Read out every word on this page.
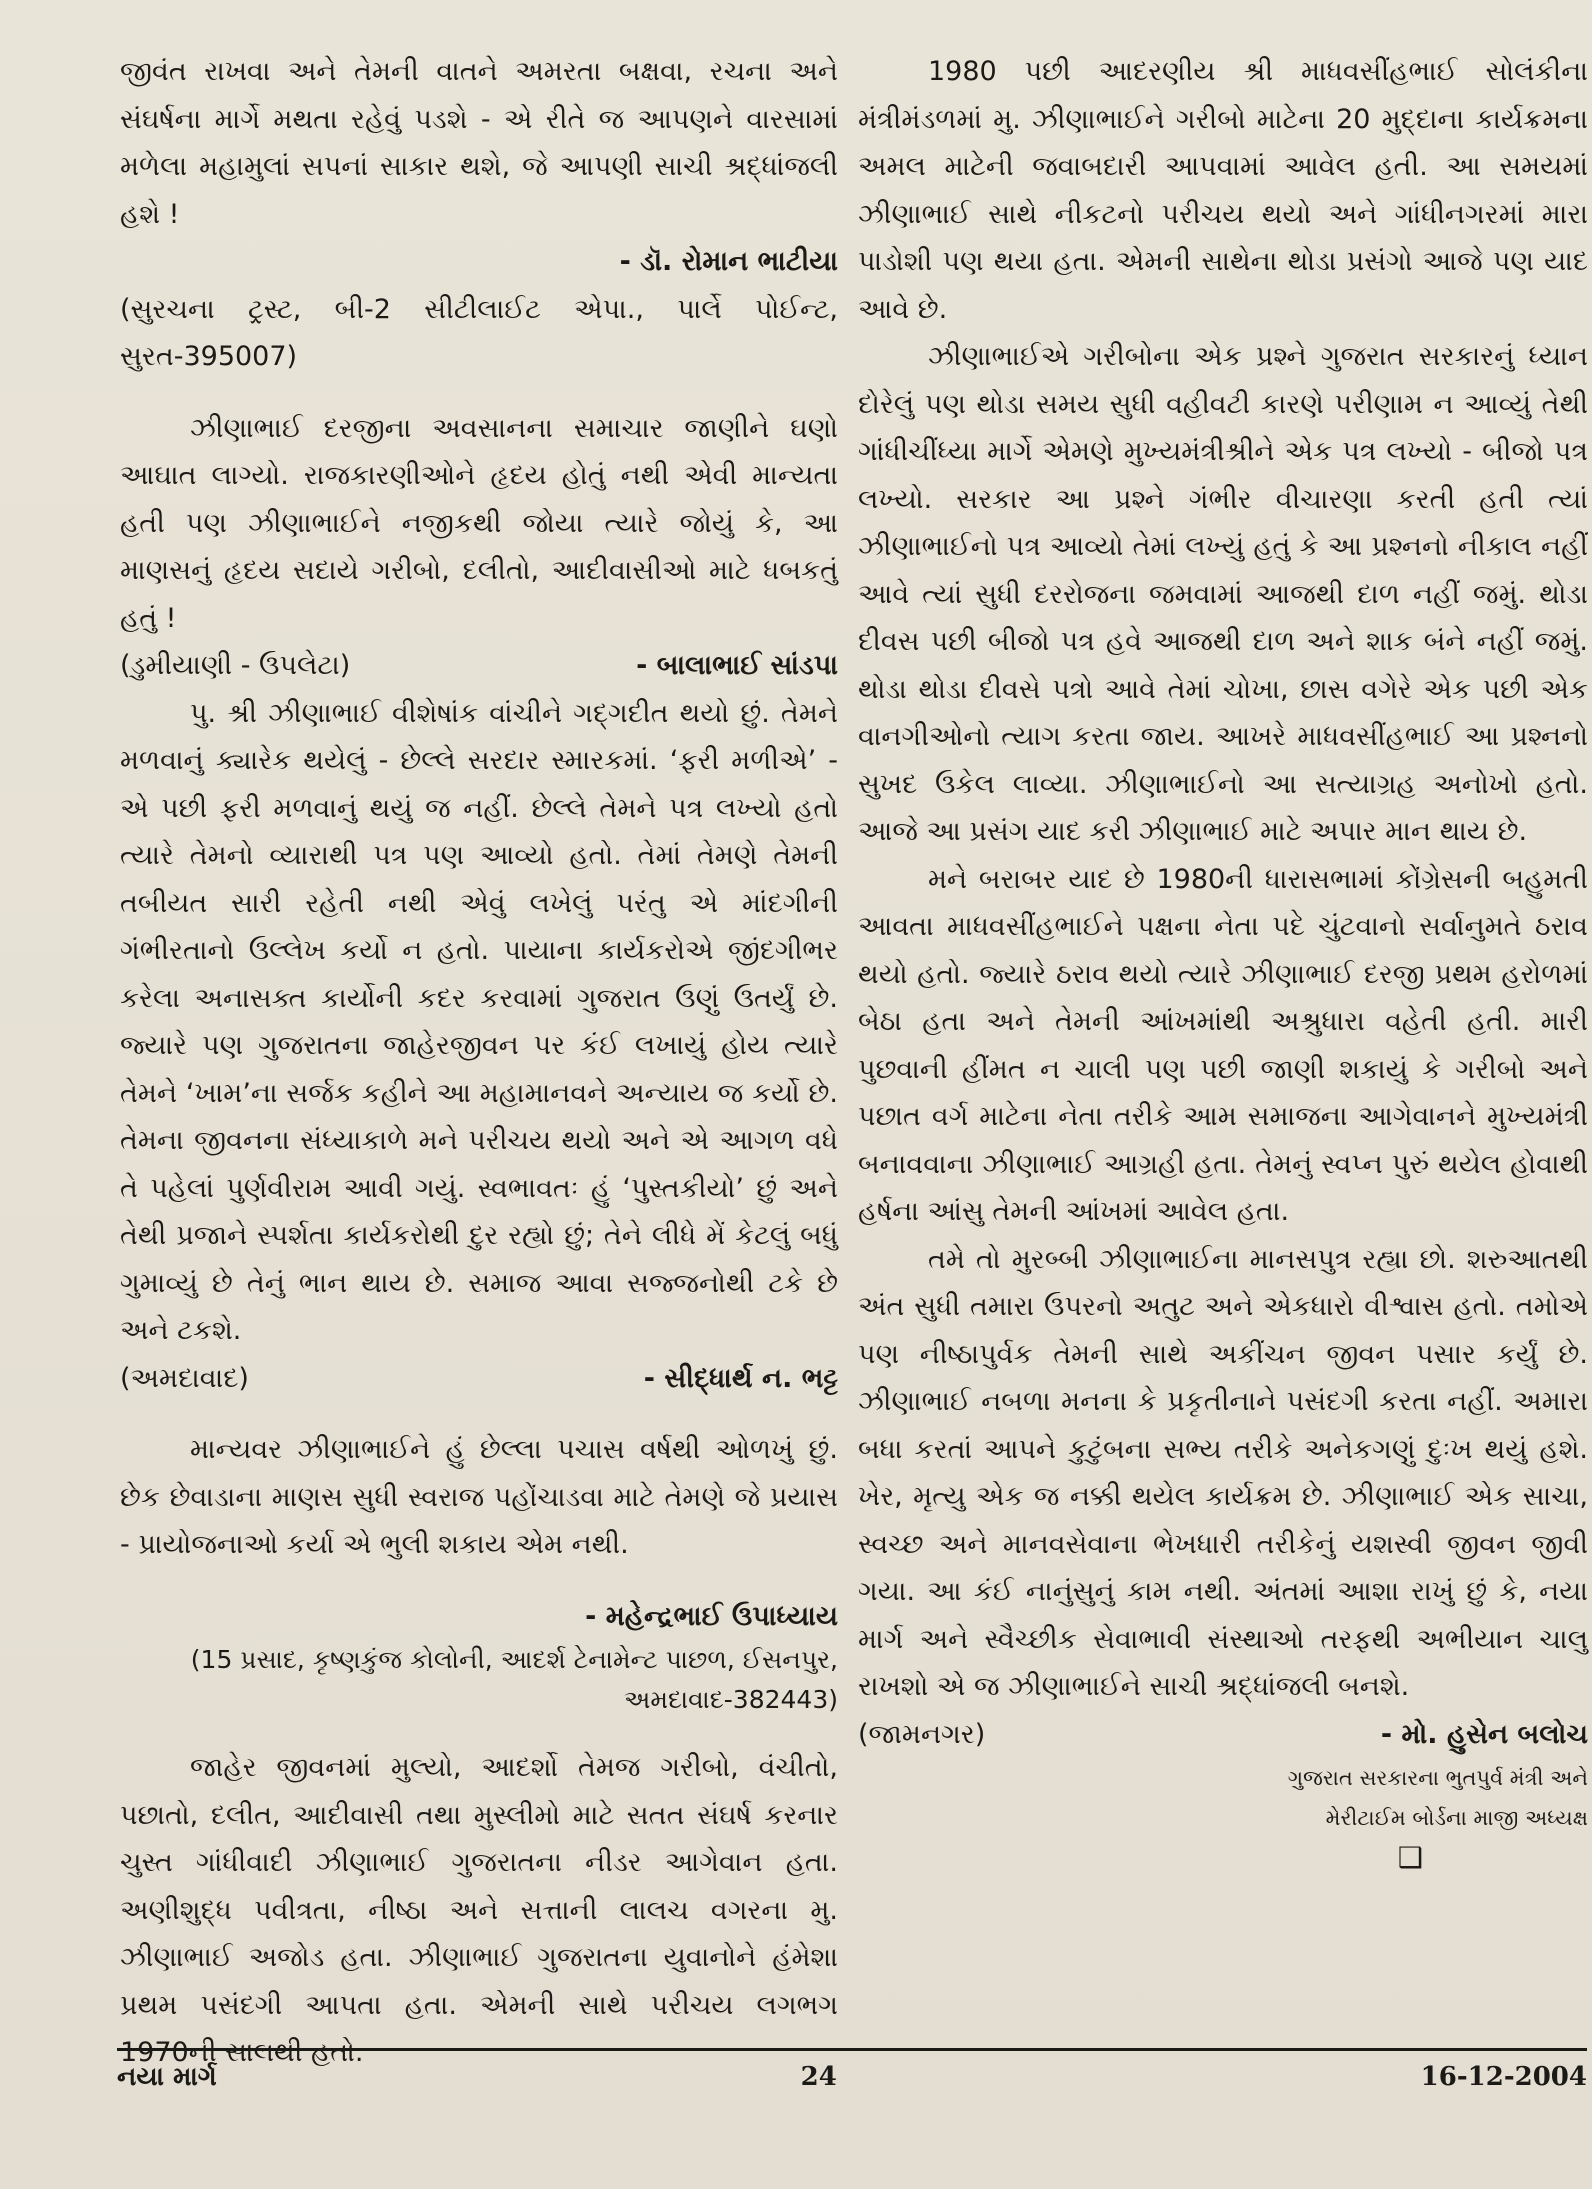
જીવંત રાખવા અને તેમની વાતને અમરતા બક્ષવા, રચના અને સંઘર્ષના માર્ગે મથતા રહેવું પડશે - એ રીતે જ આપણને વારસામાં મળેલા મહામુલાં સપનાં સાકાર થશે, જે આપણી સાચી શ્રદ્ધાંજલી હશે !

- ડૉ. રોમાન ભાટીયા

(સુરચના ટ્રસ્ટ, બી-2 સીટીલાઈટ એપા., પાર્લે પોઈન્ટ, સુરત-395007)

ઝીણાભાઈ દરજીના અવસાનના સમાચાર જાણીને ઘણો આઘાત લાગ્યો. રાજકારણીઓને હૃદય હોતું નથી એવી માન્યતા હતી પણ ઝીણાભાઈને નજીકથી જોયા ત્યારે જોયું કે, આ માણસનું હૃદય સદાયે ગરીબો, દલીતો, આદીવાસીઓ માટે ધબકતું હતું !

(ડુમીયાણી - ઉપલેટા)	- બાલાભાઈ સાંડપા

પુ. શ્રી ઝીણાભાઈ વીશેષાંક વાંચીને ગદ્ગદીત થયો છું. તેમને મળવાનું ક્યારેક થયેલું - છેલ્લે સરદાર સ્મારકમાં. ‘ફરી મળીએ’ - એ પછી ફરી મળવાનું થયું જ નહીં. છેલ્લે તેમને પત્ર લખ્યો હતો ત્યારે તેમનો વ્યારાથી પત્ર પણ આવ્યો હતો. તેમાં તેમણે તેમની તબીયત સારી રહેતી નથી એવું લખેલું પરંતુ એ માંદગીની ગંભીરતાનો ઉલ્લેખ કર્યો ન હતો. પાયાના કાર્યકરોએ જીંદગીભર કરેલા અનાસક્ત કાર્યોની કદર કરવામાં ગુજરાત ઉણું ઉતર્યું છે. જ્યારે પણ ગુજરાતના જાહેરજીવન પર કંઈ લખાયું હોય ત્યારે તેમને ‘ખામ’ના સર્જક કહીને આ મહામાનવને અન્યાય જ કર્યો છે. તેમના જીવનના સંધ્યાકાળે મને પરીચય થયો અને એ આગળ વધે તે પહેલાં પુર્ણવીરામ આવી ગયું. સ્વભાવતઃ હું ‘પુસ્તકીયો’ છું અને તેથી પ્રજાને સ્પર્શતા કાર્યકરોથી દુર રહ્યો છું; તેને લીધે મેં કેટલું બધું ગુમાવ્યું છે તેનું ભાન થાય છે. સમાજ આવા સજ્જનોથી ટકે છે અને ટકશે.

(અમદાવાદ)	- સીદ્ધાર્થ ન. ભટ્ટ

માન્યવર ઝીણાભાઈને હું છેલ્લા પચાસ વર્ષથી ઓળખું છું. છેક છેવાડાના માણસ સુધી સ્વરાજ પહોંચાડવા માટે તેમણે જે પ્રયાસ - પ્રાયોજનાઓ કર્યા એ ભુલી શકાય એમ નથી.

- મહેન્દ્રભાઈ ઉપાધ્યાય
(15 પ્રસાદ, કૃષ્ણકુંજ કોલોની, આદર્શ ટેનામેન્ટ પાછળ, ઈસનપુર, અમદાવાદ-382443)

જાહેર જીવનમાં મુલ્યો, આદર્શો તેમજ ગરીબો, વંચીતો, પછાતો, દલીત, આદીવાસી તથા મુસ્લીમો માટે સતત સંઘર્ષ કરનાર ચુસ્ત ગાંધીવાદી ઝીણાભાઈ ગુજરાતના નીડર આગેવાન હતા. અણીશુદ્ધ પવીત્રતા, નીષ્ઠા અને સત્તાની લાલચ વગરના મુ. ઝીણાભાઈ અજોડ હતા. ઝીણાભાઈ ગુજરાતના યુવાનોને હંમેશા પ્રથમ પસંદગી આપતા હતા. એમની સાથે પરીચય લગભગ 1970ની સાલથી હતો.

1980 પછી આદરણીય શ્રી માધવસીંહભાઈ સોલંકીના મંત્રીમંડળમાં મુ. ઝીણાભાઈને ગરીબો માટેના 20 મુદ્દાના કાર્યક્રમના અમલ માટેની જવાબદારી આપવામાં આવેલ હતી. આ સમયમાં ઝીણાભાઈ સાથે નીકટનો પરીચય થયો અને ગાંધીનગરમાં મારા પાડોશી પણ થયા હતા. એમની સાથેના થોડા પ્રસંગો આજે પણ યાદ આવે છે.

ઝીણાભાઈએ ગરીબોના એક પ્રશ્ને ગુજરાત સરકારનું ધ્યાન દોરેલું પણ થોડા સમય સુધી વહીવટી કારણે પરીણામ ન આવ્યું તેથી ગાંધીચીંધ્યા માર્ગે એમણે મુખ્યમંત્રીશ્રીને એક પત્ર લખ્યો - બીજો પત્ર લખ્યો. સરકાર આ પ્રશ્ને ગંભીર વીચારણા કરતી હતી ત્યાં ઝીણાભાઈનો પત્ર આવ્યો તેમાં લખ્યું હતું કે આ પ્રશ્નનો નીકાલ નહીં આવે ત્યાં સુધી દરરોજના જમવામાં આજથી દાળ નહીં જમું. થોડા દીવસ પછી બીજો પત્ર હવે આજથી દાળ અને શાક બંને નહીં જમું. થોડા થોડા દીવસે પત્રો આવે તેમાં ચોખા, છાસ વગેરે એક પછી એક વાનગીઓનો ત્યાગ કરતા જાય. આખરે માધવસીંહભાઈ આ પ્રશ્નનો સુખદ ઉકેલ લાવ્યા. ઝીણાભાઈનો આ સત્યાગ્રહ અનોખો હતો. આજે આ પ્રસંગ યાદ કરી ઝીણાભાઈ માટે અપાર માન થાય છે.

મને બરાબર યાદ છે 1980ની ધારાસભામાં કોંગ્રેસની બહુમતી આવતા માધવસીંહભાઈને પક્ષના નેતા પદે ચુંટવાનો સર્વાનુમતે ઠરાવ થયો હતો. જ્યારે ઠરાવ થયો ત્યારે ઝીણાભાઈ દરજી પ્રથમ હરોળમાં બેઠા હતા અને તેમની આંખમાંથી અશ્રુધારા વહેતી હતી. મારી પુછવાની હીંમત ન ચાલી પણ પછી જાણી શકાયું કે ગરીબો અને પછાત વર્ગ માટેના નેતા તરીકે આમ સમાજના આગેવાનને મુખ્યમંત્રી બનાવવાના ઝીણાભાઈ આગ્રહી હતા. તેમનું સ્વપ્ન પુરું થયેલ હોવાથી હર્ષના આંસુ તેમની આંખમાં આવેલ હતા.

તમે તો મુરબ્બી ઝીણાભાઈના માનસપુત્ર રહ્યા છો. શરુઆતથી અંત સુધી તમારા ઉપરનો અતુટ અને એકધારો વીશ્વાસ હતો. તમોએ પણ નીષ્ઠાપુર્વક તેમની સાથે અકીંચન જીવન પસાર કર્યું છે. ઝીણાભાઈ નબળા મનના કે પ્રકૃતીનાને પસંદગી કરતા નહીં. અમારા બધા કરતાં આપને કુટુંબના સભ્ય તરીકે અનેકગણું દુઃખ થયું હશે. ખેર, મૃત્યુ એક જ નક્કી થયેલ કાર્યક્રમ છે. ઝીણાભાઈ એક સાચા, સ્વચ્છ અને માનવસેવાના ભેખધારી તરીકેનું યશસ્વી જીવન જીવી ગયા. આ કંઈ નાનુંસુનું કામ નથી. અંતમાં આશા રાખું છું કે, નયા માર્ગ અને સ્વૈચ્છીક સેવાભાવી સંસ્થાઓ તરફથી અભીયાન ચાલુ રાખશો એ જ ઝીણાભાઈને સાચી શ્રદ્ધાંજલી બનશે.

(જામનગર)	- મો. હુસેન બલોચ
ગુજરાત સરકારના ભુતપુર્વ મંત્રી અને
મેરીટાઈમ બોર્ડના માજી અધ્યક્ષ
❑
નયા માર્ગ	24	16-12-2004
